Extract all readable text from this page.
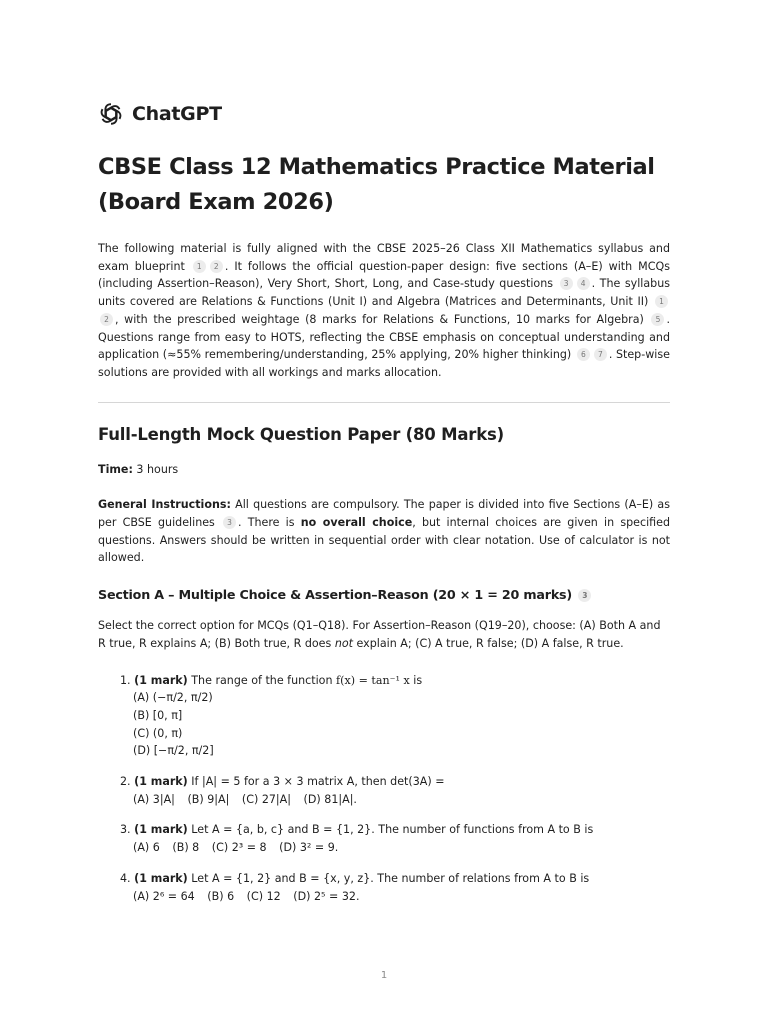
ChatGPT
CBSE Class 12 Mathematics Practice Material
(Board Exam 2026)

The following material is fully aligned with the CBSE 2025–26 Class XII Mathematics syllabus and exam blueprint 1 2 . It follows the official question-paper design: five sections (A–E) with MCQs (including Assertion–Reason), Very Short, Short, Long, and Case-study questions 3 4 . The syllabus units covered are Relations & Functions (Unit I) and Algebra (Matrices and Determinants, Unit II) 12 , with the prescribed weightage (8 marks for Relations & Functions, 10 marks for Algebra) 5 . Questions range from easy to HOTS, reflecting the CBSE emphasis on conceptual understanding and application (≈55% remembering/understanding, 25% applying, 20% higher thinking) 6 7 . Step-wise solutions are provided with all workings and marks allocation.

Full-Length Mock Question Paper (80 Marks)

Time: 3 hours

General Instructions: All questions are compulsory. The paper is divided into five Sections (A–E) as per CBSE guidelines 3 . There is no overall choice, but internal choices are given in specified questions. Answers should be written in sequential order with clear notation. Use of calculator is not allowed.

Section A – Multiple Choice & Assertion–Reason (20 × 1 = 20 marks) 3

Select the correct option for MCQs (Q1–Q18). For Assertion–Reason (Q19–20), choose: (A) Both A and R true, R explains A; (B) Both true, R does not explain A; (C) A true, R false; (D) A false, R true.

1. (1 mark) The range of the function f(x) = tan⁻¹ x is
(A) (−π/2, π/2)
(B) [0, π]
(C) (0, π)
(D) [−π/2, π/2]
2. (1 mark) If |A| = 5 for a 3 × 3 matrix A, then det(3A) =
(A) 3|A| (B) 9|A| (C) 27|A| (D) 81|A|.
3. (1 mark) Let A = {a, b, c} and B = {1, 2}. The number of functions from A to B is
(A) 6 (B) 8 (C) 2³ = 8 (D) 3² = 9.
4. (1 mark) Let A = {1, 2} and B = {x, y, z}. The number of relations from A to B is
(A) 2⁶ = 64 (B) 6 (C) 12 (D) 2⁵ = 32.
1
